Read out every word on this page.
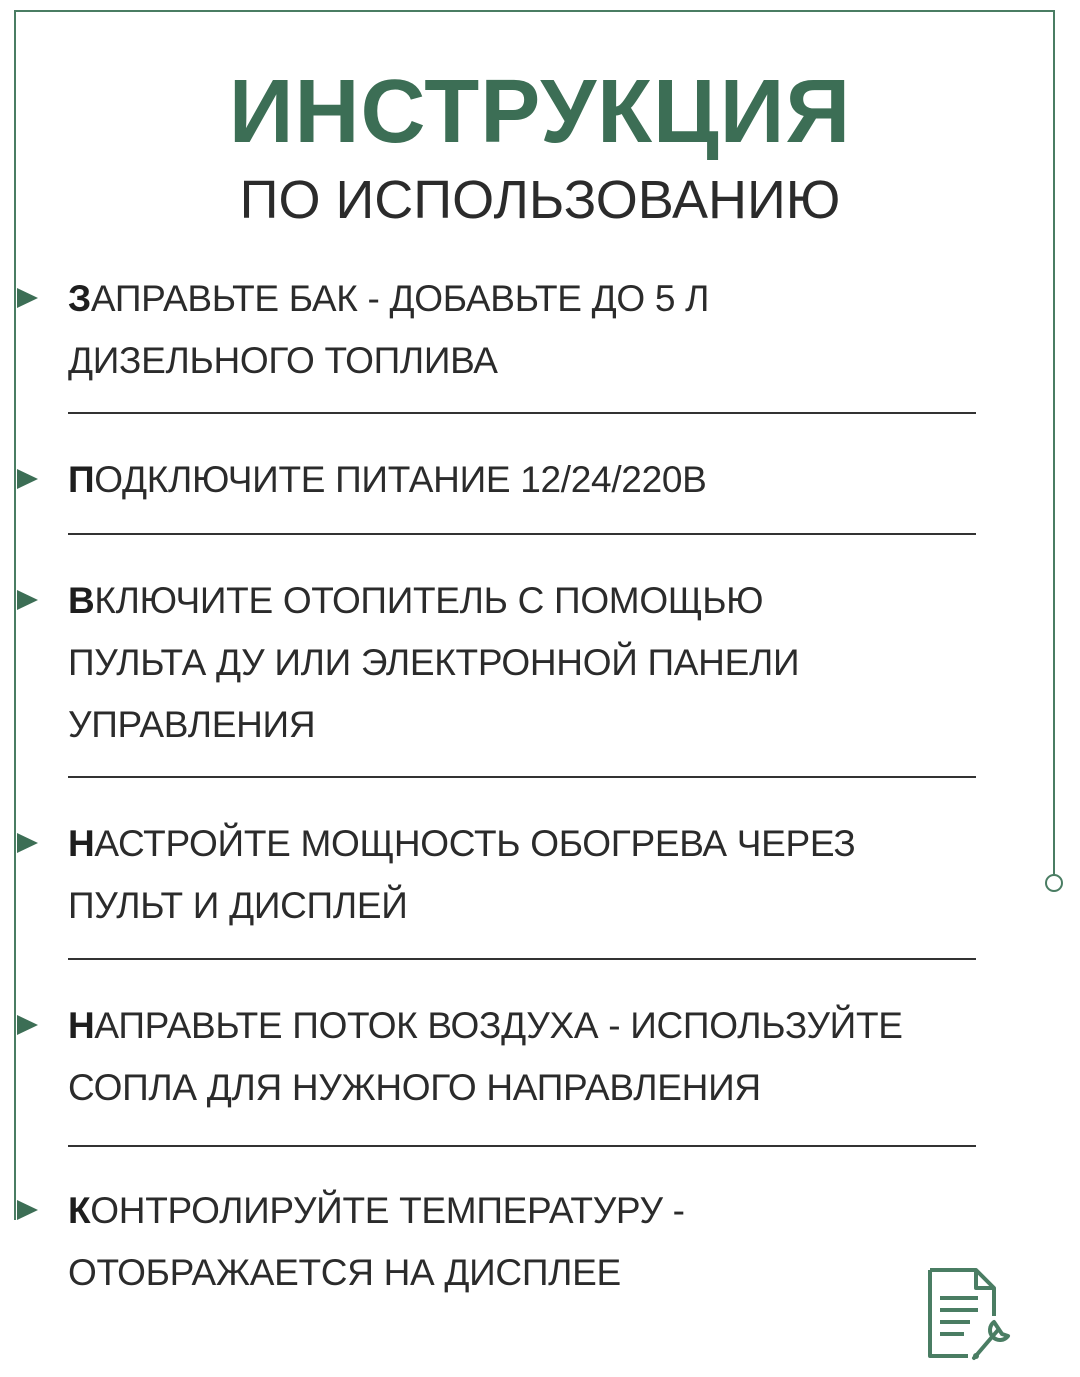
ИНСТРУКЦИЯ
ПО ИСПОЛЬЗОВАНИЮ
ЗАПРАВЬТЕ БАК - ДОБАВЬТЕ ДО 5 Л
ДИЗЕЛЬНОГО ТОПЛИВА
ПОДКЛЮЧИТЕ ПИТАНИЕ 12/24/220В
ВКЛЮЧИТЕ ОТОПИТЕЛЬ С ПОМОЩЬЮ
ПУЛЬТА ДУ ИЛИ ЭЛЕКТРОННОЙ ПАНЕЛИ
УПРАВЛЕНИЯ
НАСТРОЙТЕ МОЩНОСТЬ ОБОГРЕВА ЧЕРЕЗ
ПУЛЬТ И ДИСПЛЕЙ
НАПРАВЬТЕ ПОТОК ВОЗДУХА - ИСПОЛЬЗУЙТЕ
СОПЛА ДЛЯ НУЖНОГО НАПРАВЛЕНИЯ
КОНТРОЛИРУЙТЕ ТЕМПЕРАТУРУ -
ОТОБРАЖАЕТСЯ НА ДИСПЛЕЕ
